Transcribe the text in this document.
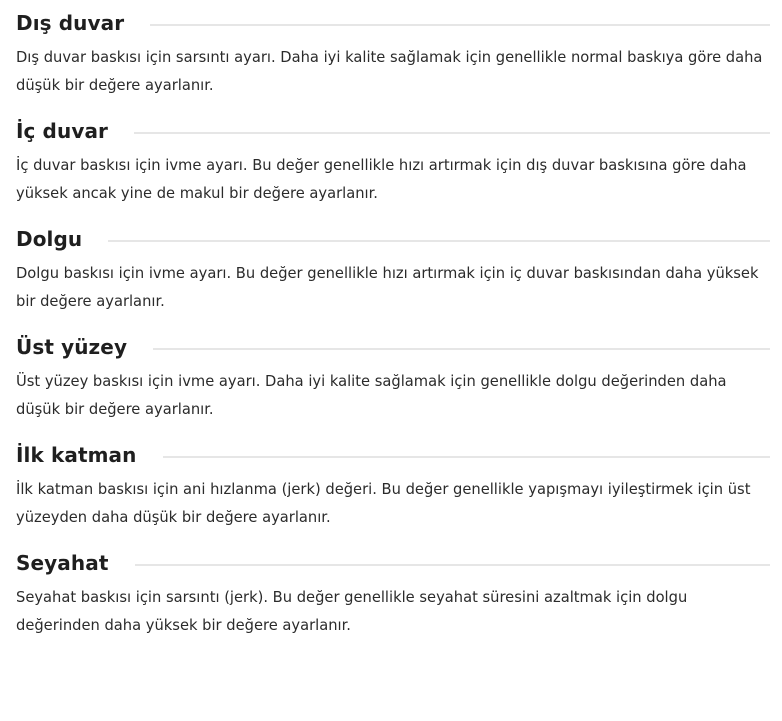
Dış duvar

Dış duvar baskısı için sarsıntı ayarı. Daha iyi kalite sağlamak için genellikle normal baskıya göre daha düşük bir değere ayarlanır.

İç duvar

İç duvar baskısı için ivme ayarı. Bu değer genellikle hızı artırmak için dış duvar baskısına göre daha yüksek ancak yine de makul bir değere ayarlanır.

Dolgu

Dolgu baskısı için ivme ayarı. Bu değer genellikle hızı artırmak için iç duvar baskısından daha yüksek bir değere ayarlanır.

Üst yüzey

Üst yüzey baskısı için ivme ayarı. Daha iyi kalite sağlamak için genellikle dolgu değerinden daha düşük bir değere ayarlanır.

İlk katman

İlk katman baskısı için ani hızlanma (jerk) değeri. Bu değer genellikle yapışmayı iyileştirmek için üst yüzeyden daha düşük bir değere ayarlanır.

Seyahat

Seyahat baskısı için sarsıntı (jerk). Bu değer genellikle seyahat süresini azaltmak için dolgu değerinden daha yüksek bir değere ayarlanır.
